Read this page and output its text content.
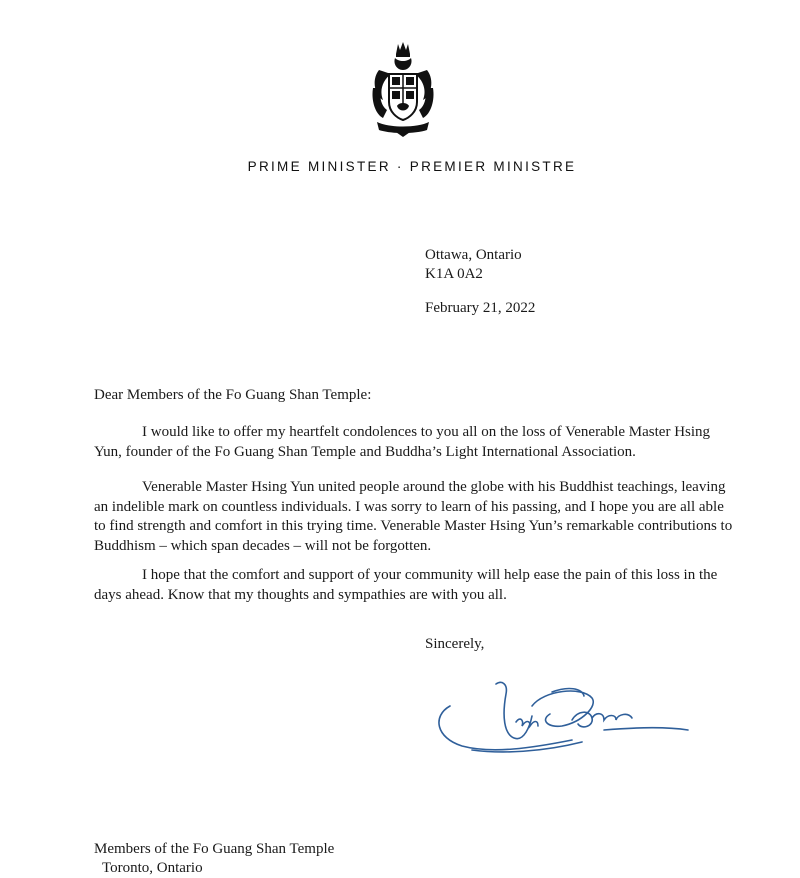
PRIME MINISTER · PREMIER MINISTRE
Ottawa, Ontario
K1A 0A2
February 21, 2022
Dear Members of the Fo Guang Shan Temple:

I would like to offer my heartfelt condolences to you all on the loss of Venerable Master Hsing Yun, founder of the Fo Guang Shan Temple and Buddha’s Light International Association.

Venerable Master Hsing Yun united people around the globe with his Buddhist teachings, leaving an indelible mark on countless individuals. I was sorry to learn of his passing, and I hope you are all able to find strength and comfort in this trying time. Venerable Master Hsing Yun’s remarkable contributions to Buddhism – which span decades – will not be forgotten.

I hope that the comfort and support of your community will help ease the pain of this loss in the days ahead. Know that my thoughts and sympathies are with you all.

Sincerely,
Members of the Fo Guang Shan Temple
Toronto, Ontario
